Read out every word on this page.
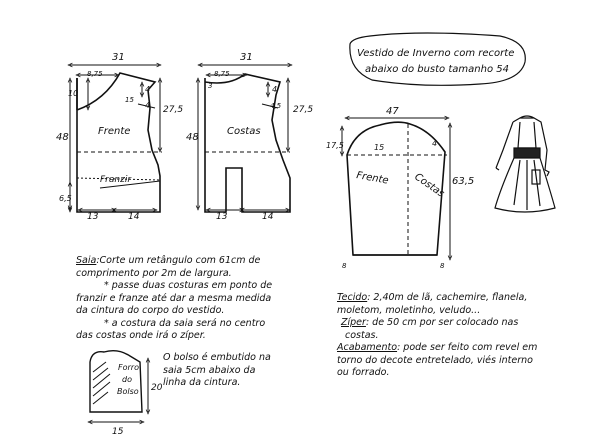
31
8,75
10	4
4
15
27,5
48
Frente
Franzir
6,5
13	14
31
8,75
3	4
4,5 27,5
48
Costas
13	14
Vestido de Inverno com recorte
abaixo do busto tamanho 54
47
17,5	15	4
63,5
Frente Costas
8	8
Forro
do
Bolso
15
20
Saia:Corte um retângulo com 61cm de
comprimento por 2m de largura.
* passe duas costuras em ponto de
franzir e franze até dar a mesma medida
da cintura do corpo do vestido.
* a costura da saia será no centro
das costas onde irá o zíper.
O bolso é embutido na
saia 5cm abaixo da
linha da cintura.
Tecido: 2,40m de lã, cachemire, flanela,
moletom, moletinho, veludo...
Zíper: de 50 cm por ser colocado nas
costas.
Acabamento: pode ser feito com revel em
torno do decote entretelado, viés interno
ou forrado.
